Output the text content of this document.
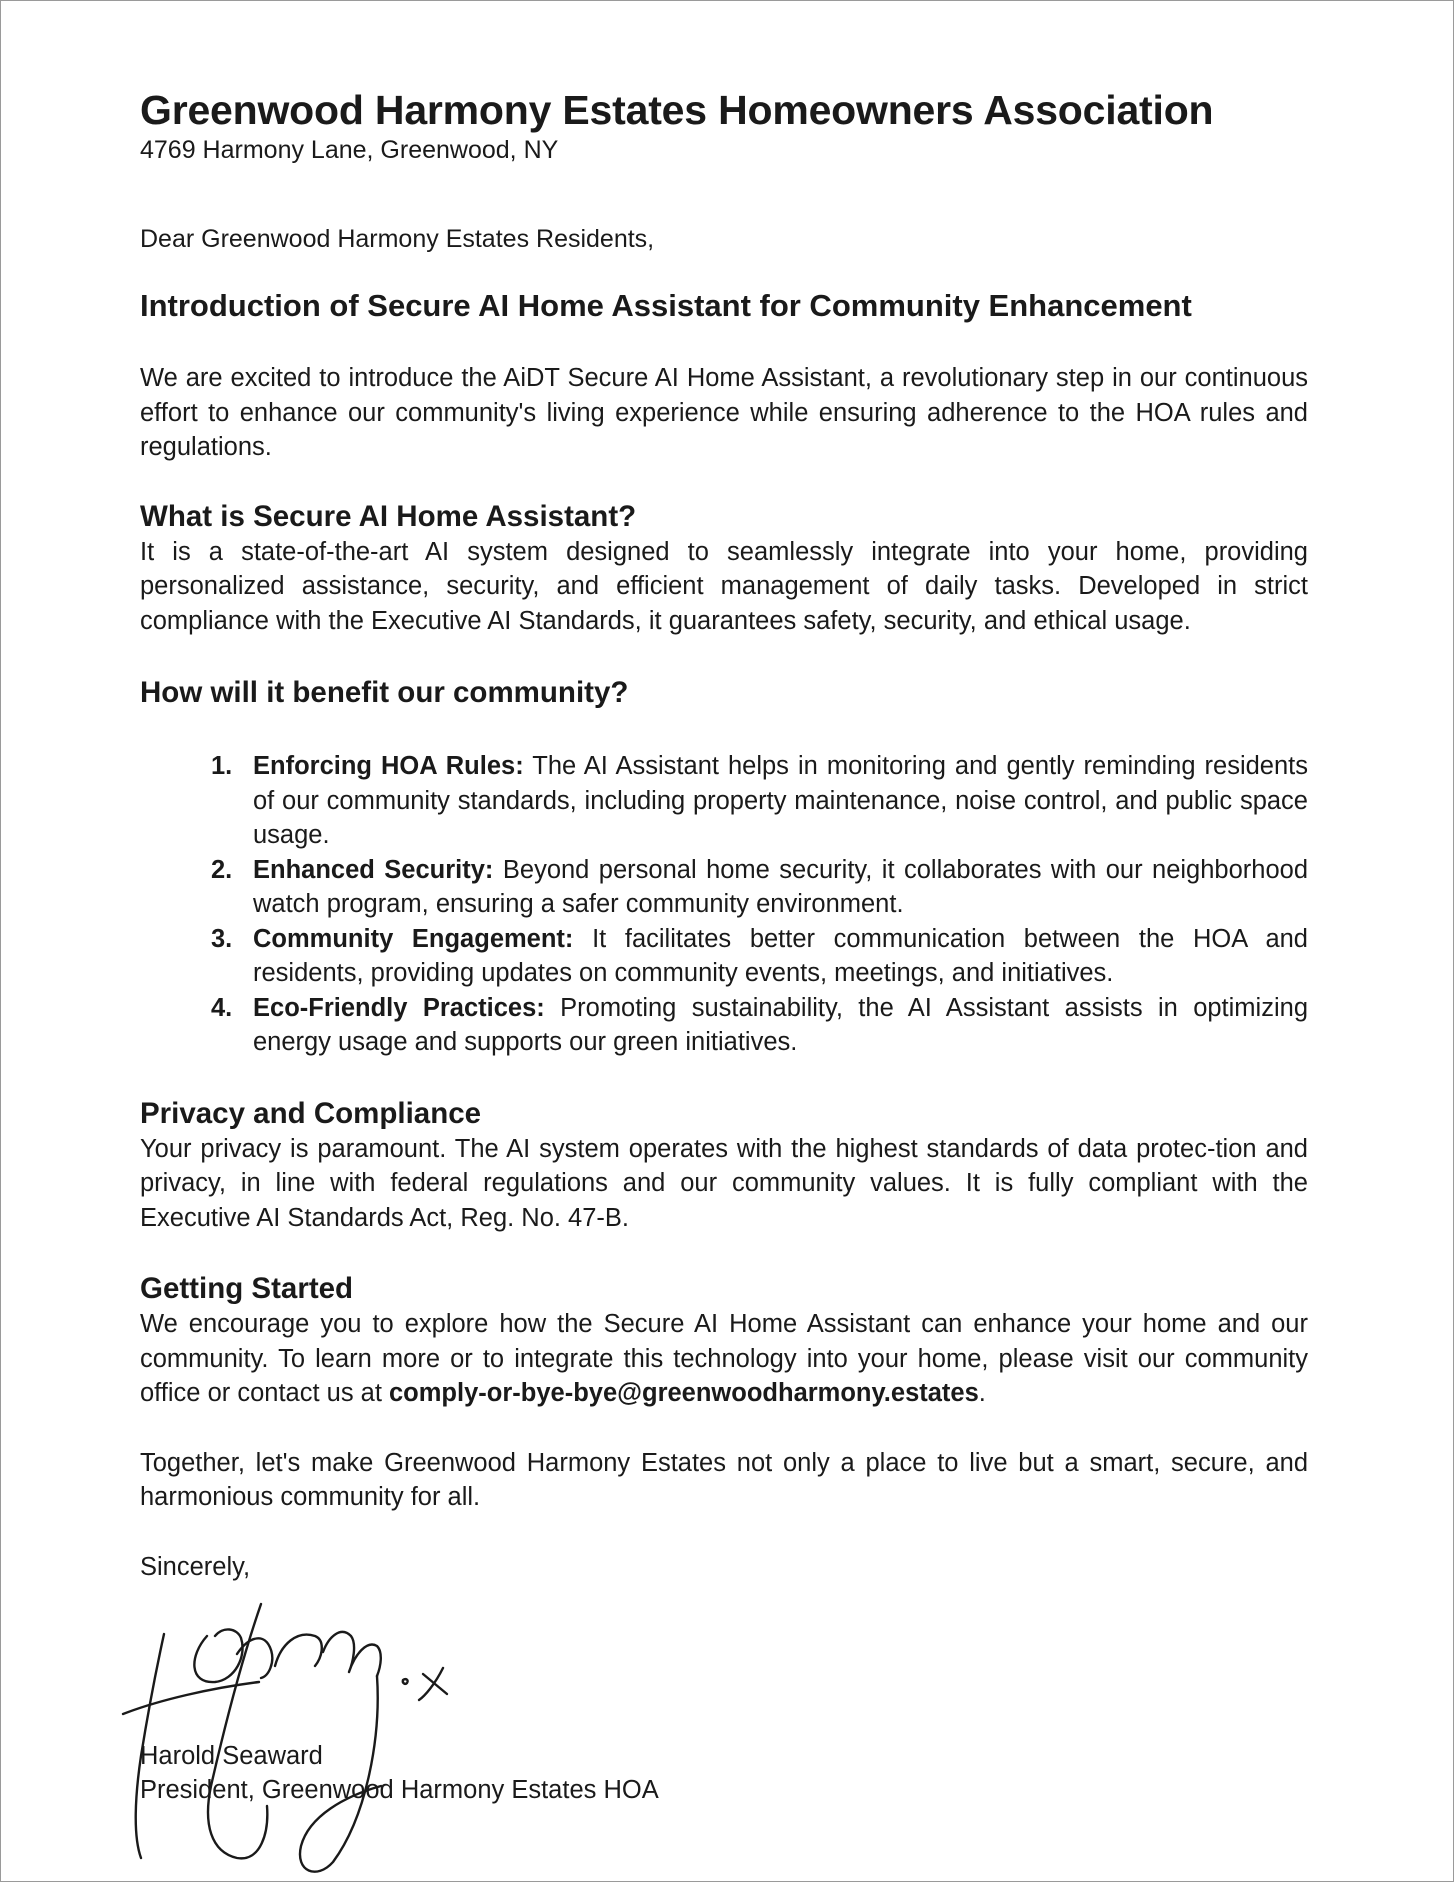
Greenwood Harmony Estates Homeowners Association

4769 Harmony Lane, Greenwood, NY

Dear Greenwood Harmony Estates Residents,

Introduction of Secure AI Home Assistant for Community Enhancement

We are excited to introduce the AiDT Secure AI Home Assistant, a revolutionary step in our continuous effort to enhance our community's living experience while ensuring adherence to the HOA rules and regulations.

What is Secure AI Home Assistant?

It is a state-of-the-art AI system designed to seamlessly integrate into your home, providing personalized assistance, security, and efficient management of daily tasks. Developed in strict compliance with the Executive AI Standards, it guarantees safety, security, and ethical usage.

How will it benefit our community?
1. Enforcing HOA Rules: The AI Assistant helps in monitoring and gently reminding residents of our community standards, including property maintenance, noise control, and public space usage.
2. Enhanced Security: Beyond personal home security, it collaborates with our neighborhood watch program, ensuring a safer community environment.
3. Community Engagement: It facilitates better communication between the HOA and residents, providing updates on community events, meetings, and initiatives.
4. Eco-Friendly Practices: Promoting sustainability, the AI Assistant assists in optimizing energy usage and supports our green initiatives.
Privacy and Compliance

Your privacy is paramount. The AI system operates with the highest standards of data protec-tion and privacy, in line with federal regulations and our community values. It is fully compliant with the Executive AI Standards Act, Reg. No. 47-B.

Getting Started

We encourage you to explore how the Secure AI Home Assistant can enhance your home and our community. To learn more or to integrate this technology into your home, please visit our community office or contact us at comply-or-bye-bye@greenwoodharmony.estates.

Together, let's make Greenwood Harmony Estates not only a place to live but a smart, secure, and harmonious community for all.

Sincerely,

Harold Seaward

President, Greenwood Harmony Estates HOA
